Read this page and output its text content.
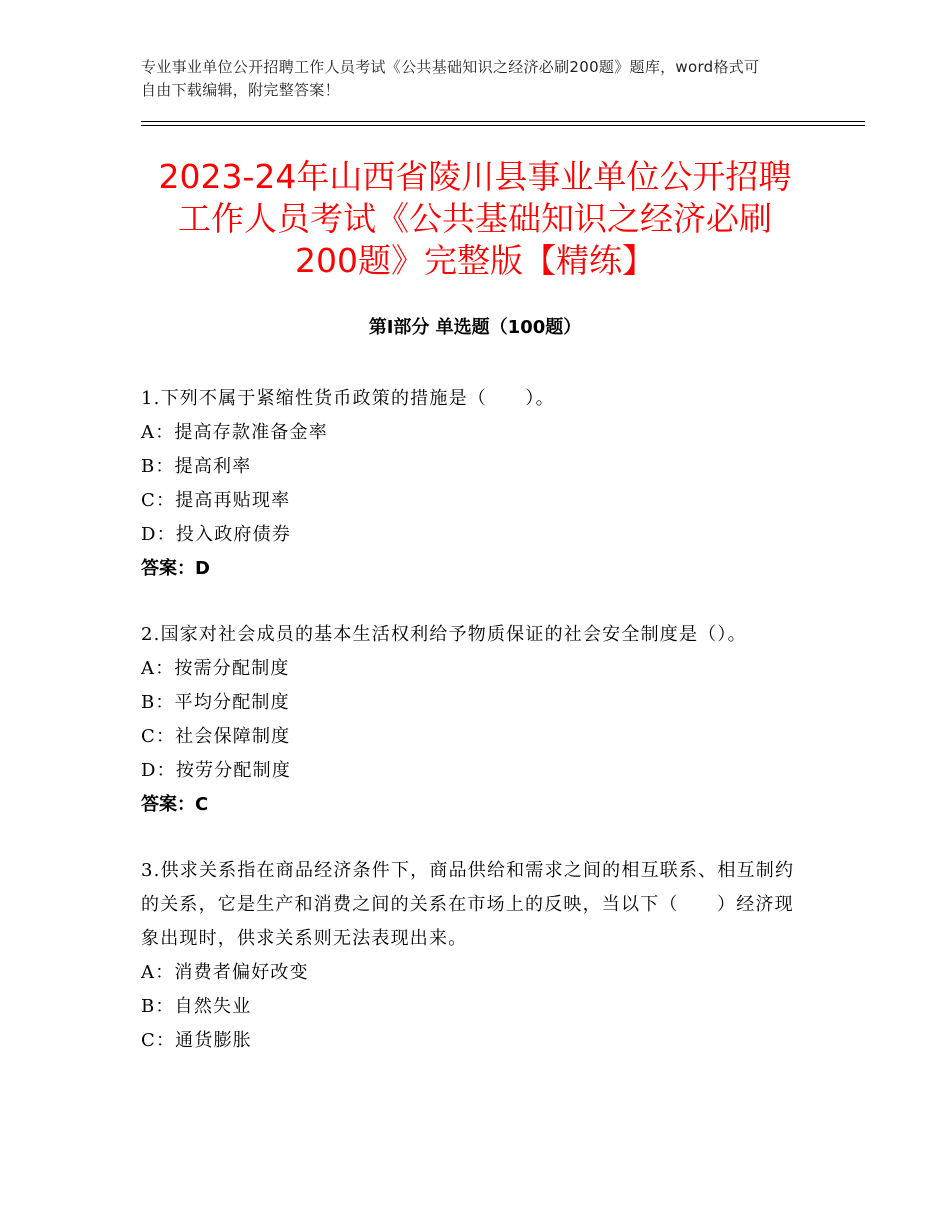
专业事业单位公开招聘工作人员考试《公共基础知识之经济必刷200题》题库，word格式可自由下载编辑，附完整答案！
2023-24年山西省陵川县事业单位公开招聘
工作人员考试《公共基础知识之经济必刷
200题》完整版【精练】
第Ⅰ部分 单选题（100题）
1.下列不属于紧缩性货币政策的措施是（　　）。
A：提高存款准备金率
B：提高利率
C：提高再贴现率
D：投入政府债券
答案：D
2.国家对社会成员的基本生活权利给予物质保证的社会安全制度是（）。
A：按需分配制度
B：平均分配制度
C：社会保障制度
D：按劳分配制度
答案：C
3.供求关系指在商品经济条件下，商品供给和需求之间的相互联系、相互制约的关系，它是生产和消费之间的关系在市场上的反映，当以下（　　）经济现象出现时，供求关系则无法表现出来。
A：消费者偏好改变
B：自然失业
C：通货膨胀
